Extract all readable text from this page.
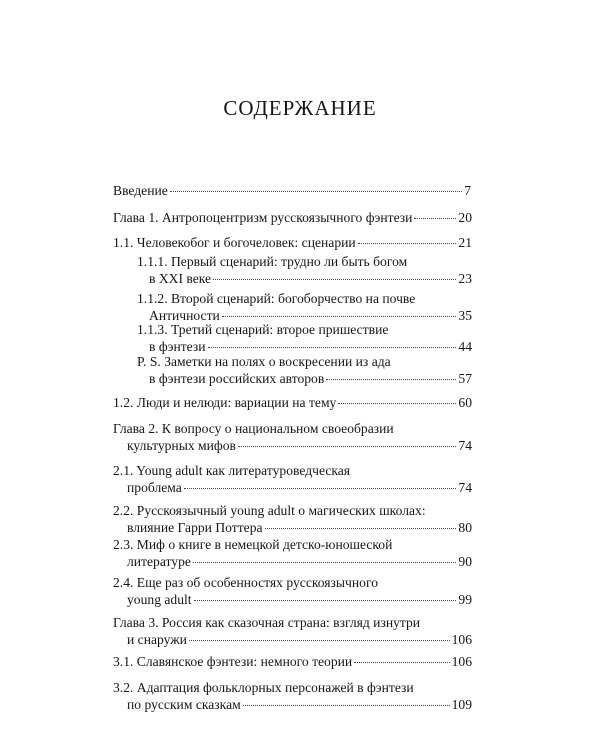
СОДЕРЖАНИЕ
Введение	7
Глава 1. Антропоцентризм русскоязычного фэнтези	20
1.1. Человекобог и богочеловек: сценарии	21
1.1.1. Первый сценарий: трудно ли быть богом
в XXI веке	23
1.1.2. Второй сценарий: богоборчество на почве
Античности	35
1.1.3. Третий сценарий: второе пришествие
в фэнтези	44
P. S. Заметки на полях о воскресении из ада
в фэнтези российских авторов	57
1.2. Люди и нелюди: вариации на тему	60
Глава 2. К вопросу о национальном своеобразии
культурных мифов	74
2.1. Young adult как литературоведческая
проблема	74
2.2. Русскоязычный young adult о магических школах:
влияние Гарри Поттера	80
2.3. Миф о книге в немецкой детско-юношеской
литературе	90
2.4. Еще раз об особенностях русскоязычного
young adult	99
Глава 3. Россия как сказочная страна: взгляд изнутри
и снаружи	106
3.1. Славянское фэнтези: немного теории	106
3.2. Адаптация фольклорных персонажей в фэнтези
по русским сказкам	109
